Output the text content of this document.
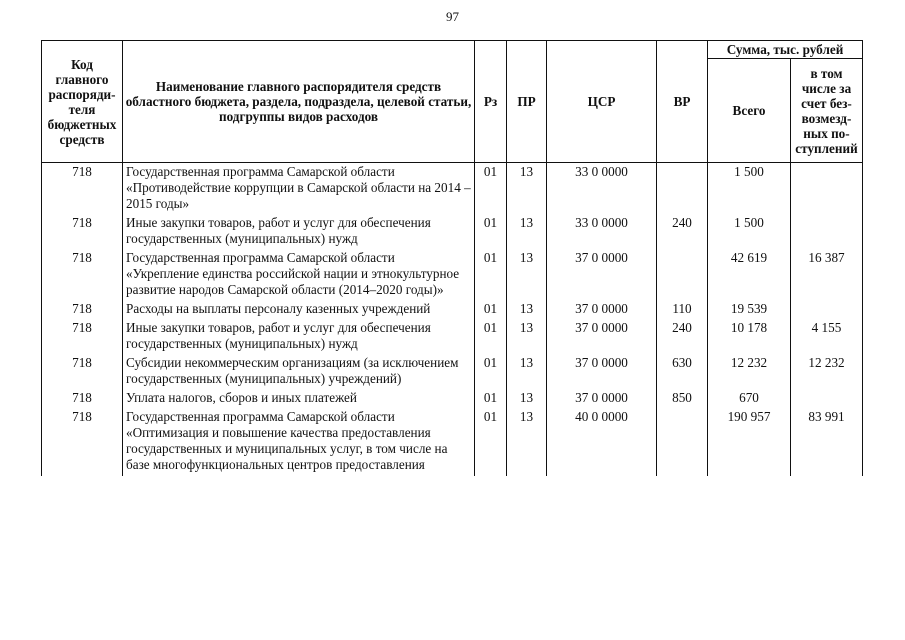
97
Код главного распорядителя бюджетных средств	Наименование главного распорядителя средств областного бюджета, раздела, подраздела, целевой статьи, подгруппы видов расходов	Рз	ПР	ЦСР	ВР	Сумма, тыс. рублей	
						Всего	в том числе за счет безвозмездных поступлений
718	Государственная программа Самарской области «Противодействие коррупции в Самарской области на 2014 – 2015 годы»	01	13	33 0 0000		1 500	
718	Иные закупки товаров, работ и услуг для обеспечения государственных (муниципальных) нужд	01	13	33 0 0000	240	1 500	
718	Государственная программа Самарской области «Укрепление единства российской нации и этнокультурное развитие народов Самарской области (2014–2020 годы)»	01	13	37 0 0000		42 619	16 387
718	Расходы на выплаты персоналу казенных учреждений	01	13	37 0 0000	110	19 539	
718	Иные закупки товаров, работ и услуг для обеспечения государственных (муниципальных) нужд	01	13	37 0 0000	240	10 178	4 155
718	Субсидии некоммерческим организациям (за исключением государственных (муниципальных) учреждений)	01	13	37 0 0000	630	12 232	12 232
718	Уплата налогов, сборов и иных платежей	01	13	37 0 0000	850	670	
718	Государственная программа Самарской области «Оптимизация и повышение качества предоставления государственных и муниципальных услуг, в том числе на базе многофункциональных центров предоставления	01	13	40 0 0000		190 957	83 991
